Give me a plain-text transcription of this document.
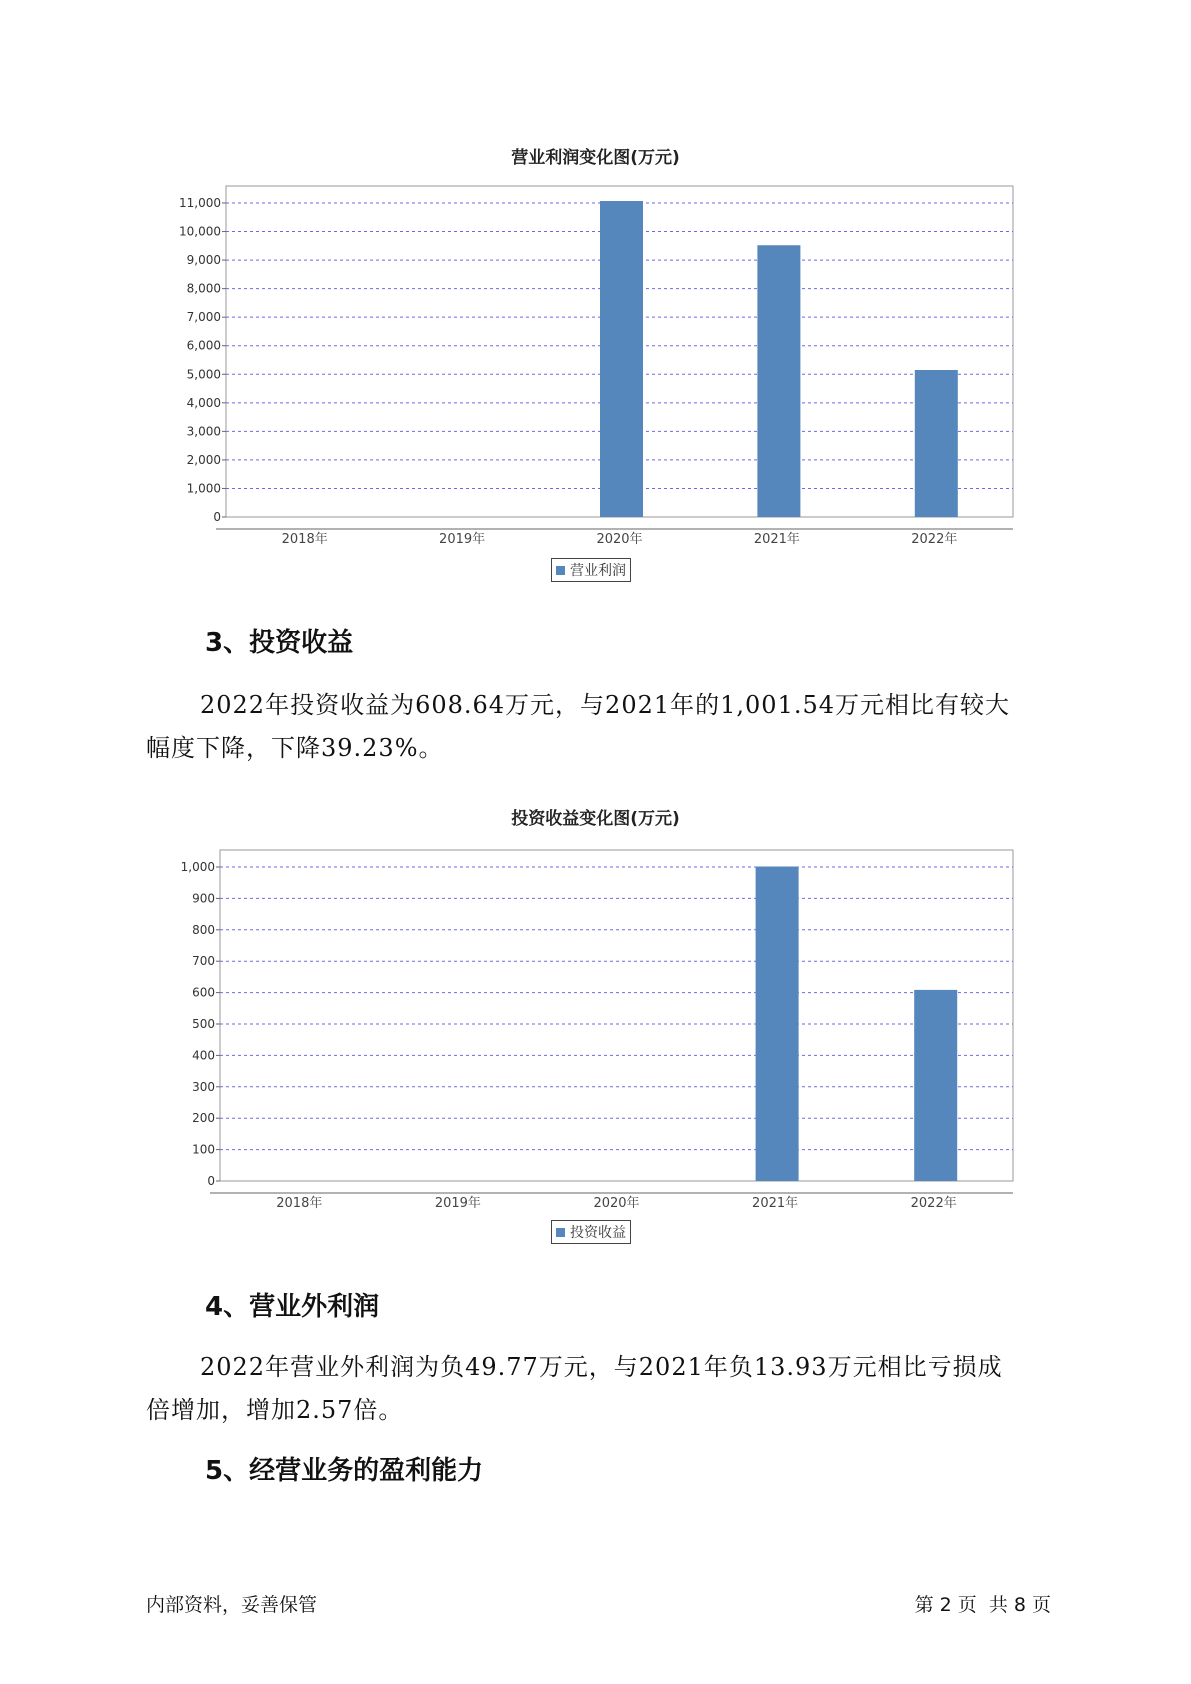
营业利润变化图(万元)
0
1,000
2,000
3,000
4,000
5,000
6,000
7,000
8,000
9,000
10,000
11,000
2018年	2019年	2020年	2021年	2022年
营业利润
3、投资收益
2022年投资收益为608.64万元，与2021年的1,001.54万元相比有较大
幅度下降，下降39.23%。
投资收益变化图(万元)
0
100
200
300
400
500
600
700
800
900
1,000
2018年	2019年	2020年	2021年	2022年
投资收益
4、营业外利润
2022年营业外利润为负49.77万元，与2021年负13.93万元相比亏损成
倍增加，增加2.57倍。
5、经营业务的盈利能力
内部资料，妥善保管	第 2 页  共 8 页
